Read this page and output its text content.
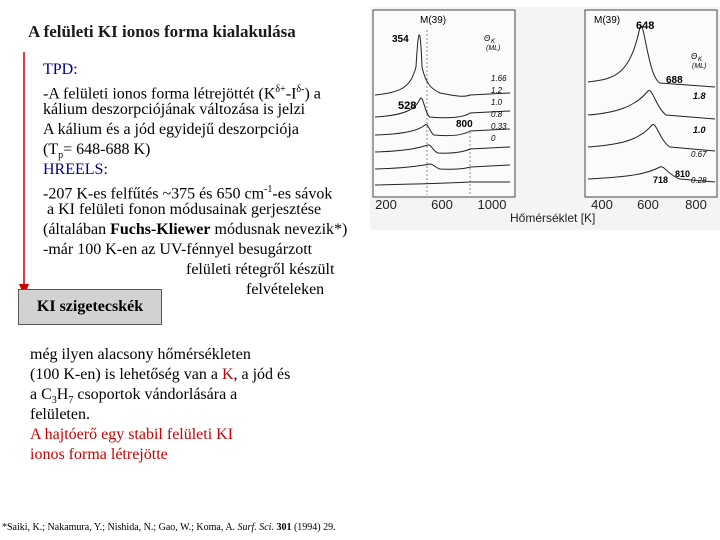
A felületi KI ionos forma kialakulása
TPD:
-A felületi ionos forma létrejöttét $(K^{\delta+}-I^{\delta-})$ a
kálium deszorpciójának változása is jelzi
A kálium és a jód egyidejű deszorpciója
($T_p= 648-688$ K)
HREELS:
-207 K-es felfűtés ~375 és 650 $cm^{-1}-es$ sávok
a KI felületi fonon módusainak gerjesztése
(általában Fuchs-Kliewer módusnak nevezik*)
-már 100 K-en az UV-fénnyel besugárzott
felületi rétegről készült
felvételeken
KI szigetecskék
még ilyen alacsony hőmérsékleten
(100 K-en) is lehetőség van a K, a jód és
a $C_3H_7$ csoportok vándorlására a
felületen.
A hajtóerő egy stabil felületi KI
ionos forma létrejötte
*Saiki, K.; Nakamura, Y.; Nishida, N.; Gao, W.; Koma, A. Surf. Sci. 301 (1994) 29.
M(39)
354
528
800
Θ K
(ML)
1.66
1.2
1.0
0.8
0.33
0
M(39) 648
688
718
810
Θ K
(ML)
1.8
1.0
0.67
0.28
200	600 1000	400 600 800
Hőmérséklet [K]
